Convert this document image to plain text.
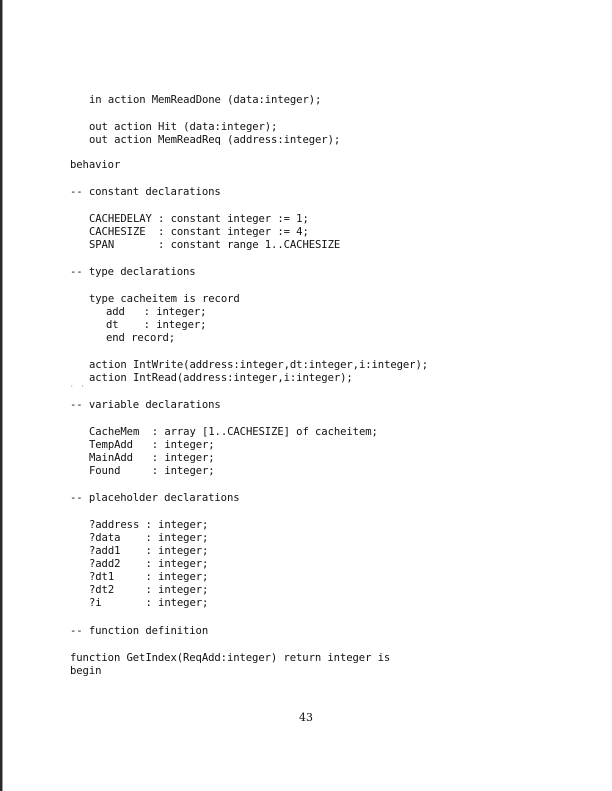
in action MemReadDone (data:integer);
out action Hit (data:integer);
out action MemReadReq (address:integer);
behavior
-- constant declarations
CACHEDELAY : constant integer := 1;
CACHESIZE  : constant integer := 4;
SPAN       : constant range 1..CACHESIZE
-- type declarations
type cacheitem is record
add   : integer;
dt    : integer;
end record;
action IntWrite(address:integer,dt:integer,i:integer);
action IntRead(address:integer,i:integer);
·  ·
-- variable declarations
CacheMem  : array [1..CACHESIZE] of cacheitem;
TempAdd   : integer;
MainAdd   : integer;
Found     : integer;
-- placeholder declarations
?address : integer;
?data    : integer;
?add1    : integer;
?add2    : integer;
?dt1     : integer;
?dt2     : integer;
?i       : integer;
-- function definition
function GetIndex(ReqAdd:integer) return integer is
begin
43
